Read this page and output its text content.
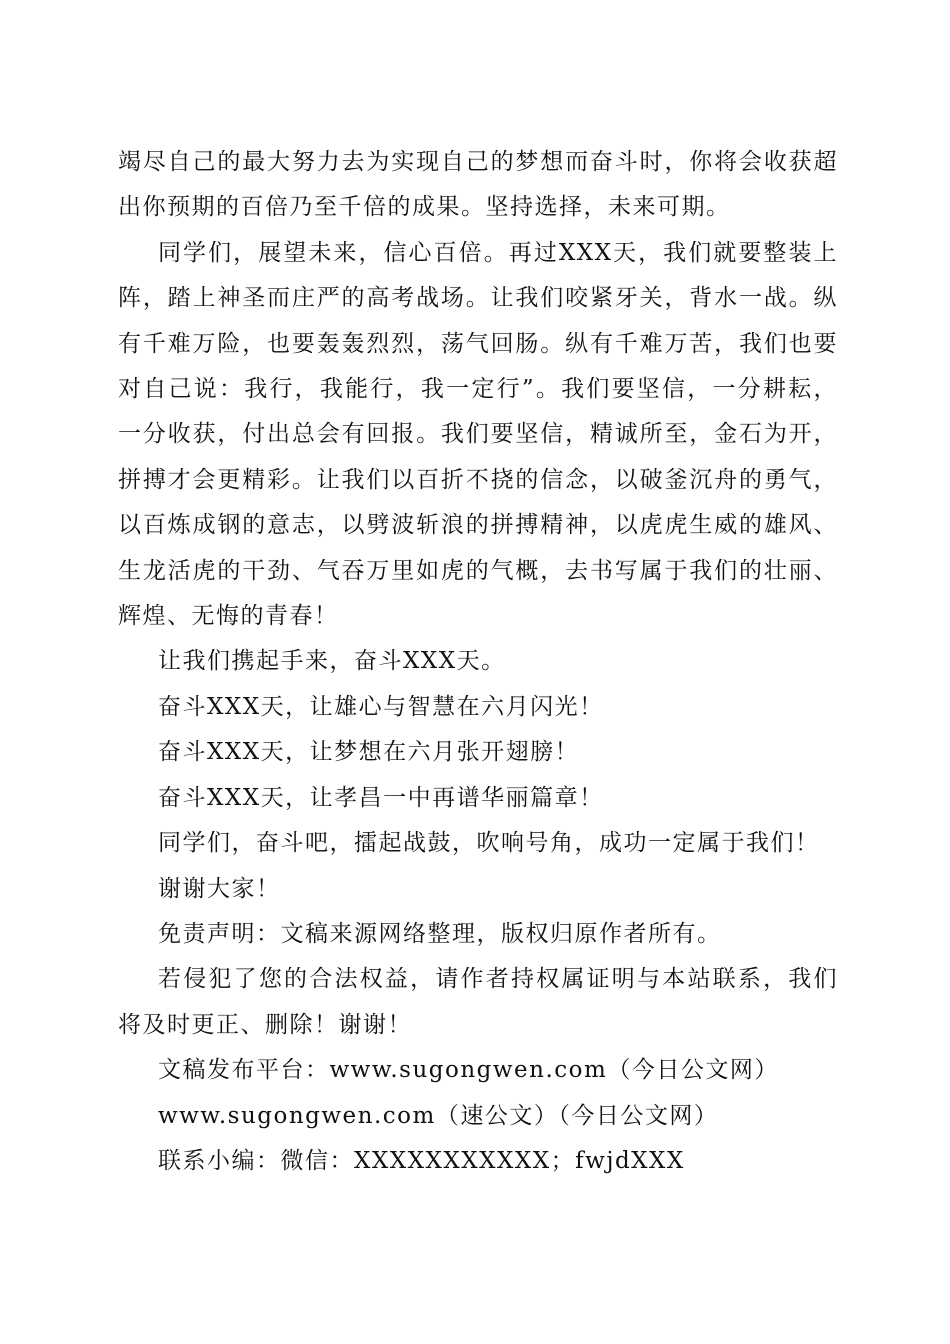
竭尽自己的最大努力去为实现自己的梦想而奋斗时，你将会收获超出你预期的百倍乃至千倍的成果。坚持选择，未来可期。

同学们，展望未来，信心百倍。再过XXX天，我们就要整装上阵，踏上神圣而庄严的高考战场。让我们咬紧牙关，背水一战。纵有千难万险，也要轰轰烈烈，荡气回肠。纵有千难万苦，我们也要对自己说：我行，我能行，我一定行”。我们要坚信，一分耕耘，一分收获，付出总会有回报。我们要坚信，精诚所至，金石为开，拼搏才会更精彩。让我们以百折不挠的信念，以破釜沉舟的勇气，以百炼成钢的意志，以劈波斩浪的拼搏精神，以虎虎生威的雄风、生龙活虎的干劲、气吞万里如虎的气概，去书写属于我们的壮丽、辉煌、无悔的青春！

让我们携起手来，奋斗XXX天。

奋斗XXX天，让雄心与智慧在六月闪光！

奋斗XXX天，让梦想在六月张开翅膀！

奋斗XXX天，让孝昌一中再谱华丽篇章！

同学们，奋斗吧，擂起战鼓，吹响号角，成功一定属于我们！

谢谢大家！

免责声明：文稿来源网络整理，版权归原作者所有。

若侵犯了您的合法权益，请作者持权属证明与本站联系，我们将及时更正、删除！谢谢！

文稿发布平台：www.sugongwen.com（今日公文网）

www.sugongwen.com（速公文）（今日公文网）

联系小编：微信：XXXXXXXXXXX；fwjdXXX
